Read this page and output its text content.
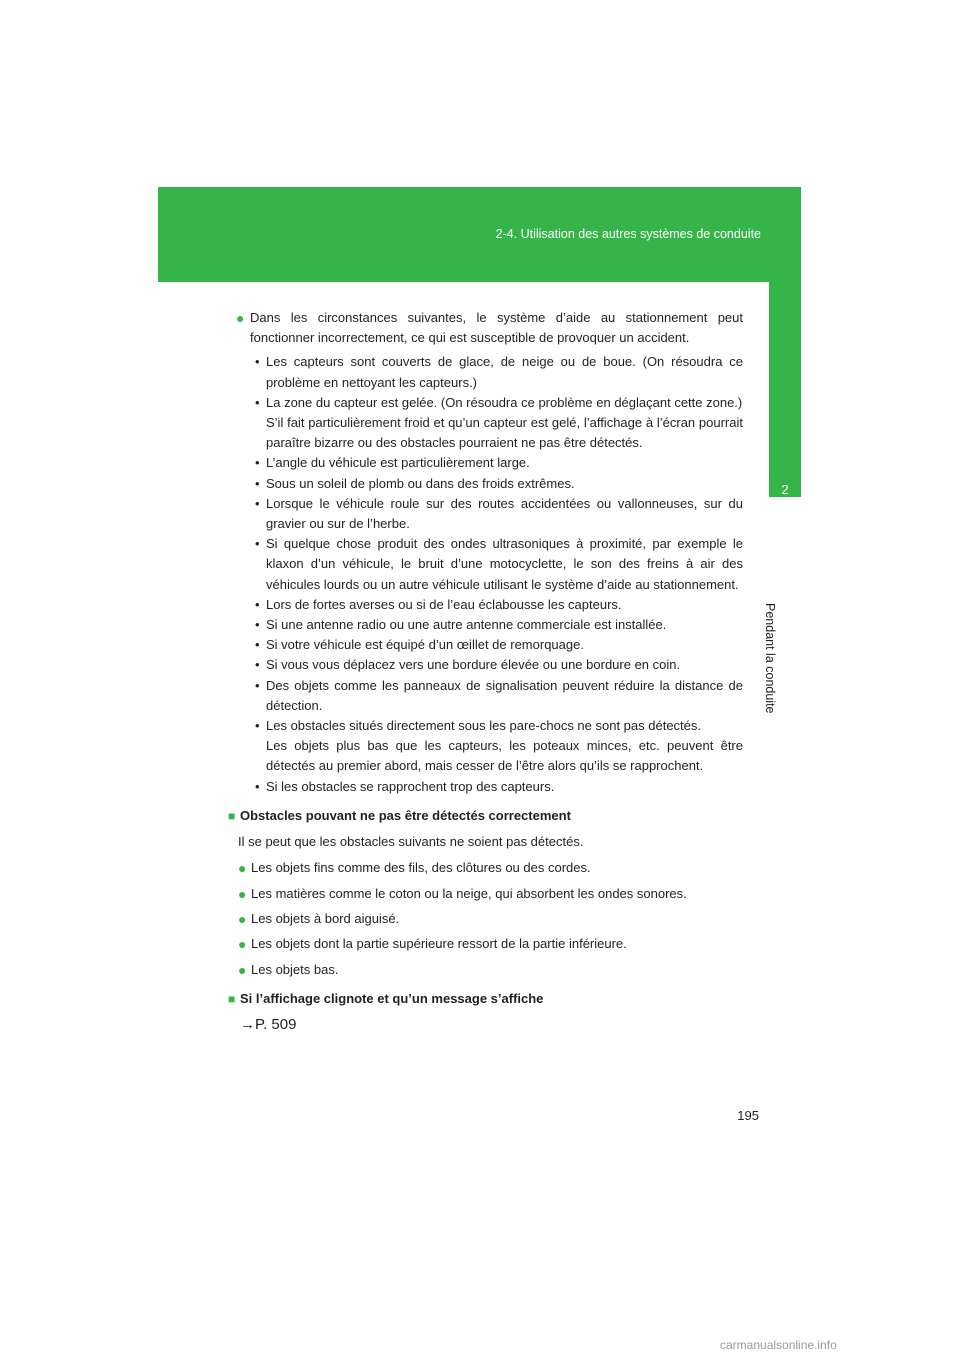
2-4. Utilisation des autres systèmes de conduite
2
Pendant la conduite

● Dans les circonstances suivantes, le système d’aide au stationnement peut fonctionner incorrectement, ce qui est susceptible de provoquer un accident.

• Les capteurs sont couverts de glace, de neige ou de boue. (On résoudra ce problème en nettoyant les capteurs.)
• La zone du capteur est gelée. (On résoudra ce problème en déglaçant cette zone.)
S’il fait particulièrement froid et qu’un capteur est gelé, l’affichage à l’écran pourrait paraître bizarre ou des obstacles pourraient ne pas être détectés.
• L’angle du véhicule est particulièrement large.
• Sous un soleil de plomb ou dans des froids extrêmes.
• Lorsque le véhicule roule sur des routes accidentées ou vallonneuses, sur du gravier ou sur de l’herbe.
• Si quelque chose produit des ondes ultrasoniques à proximité, par exemple le klaxon d’un véhicule, le bruit d’une motocyclette, le son des freins à air des véhicules lourds ou un autre véhicule utilisant le système d’aide au stationnement.
• Lors de fortes averses ou si de l’eau éclabousse les capteurs.
• Si une antenne radio ou une autre antenne commerciale est installée.
• Si votre véhicule est équipé d’un œillet de remorquage.
• Si vous vous déplacez vers une bordure élevée ou une bordure en coin.
• Des objets comme les panneaux de signalisation peuvent réduire la distance de détection.
• Les obstacles situés directement sous les pare-chocs ne sont pas détectés.
Les objets plus bas que les capteurs, les poteaux minces, etc. peuvent être détectés au premier abord, mais cesser de l’être alors qu’ils se rapprochent.
• Si les obstacles se rapprochent trop des capteurs.
■ Obstacles pouvant ne pas être détectés correctement

Il se peut que les obstacles suivants ne soient pas détectés.

● Les objets fins comme des fils, des clôtures ou des cordes.
● Les matières comme le coton ou la neige, qui absorbent les ondes sonores.
● Les objets à bord aiguisé.
● Les objets dont la partie supérieure ressort de la partie inférieure.
● Les objets bas.
■ Si l’affichage clignote et qu’un message s’affiche

→P. 509

195
carmanualsonline.info
